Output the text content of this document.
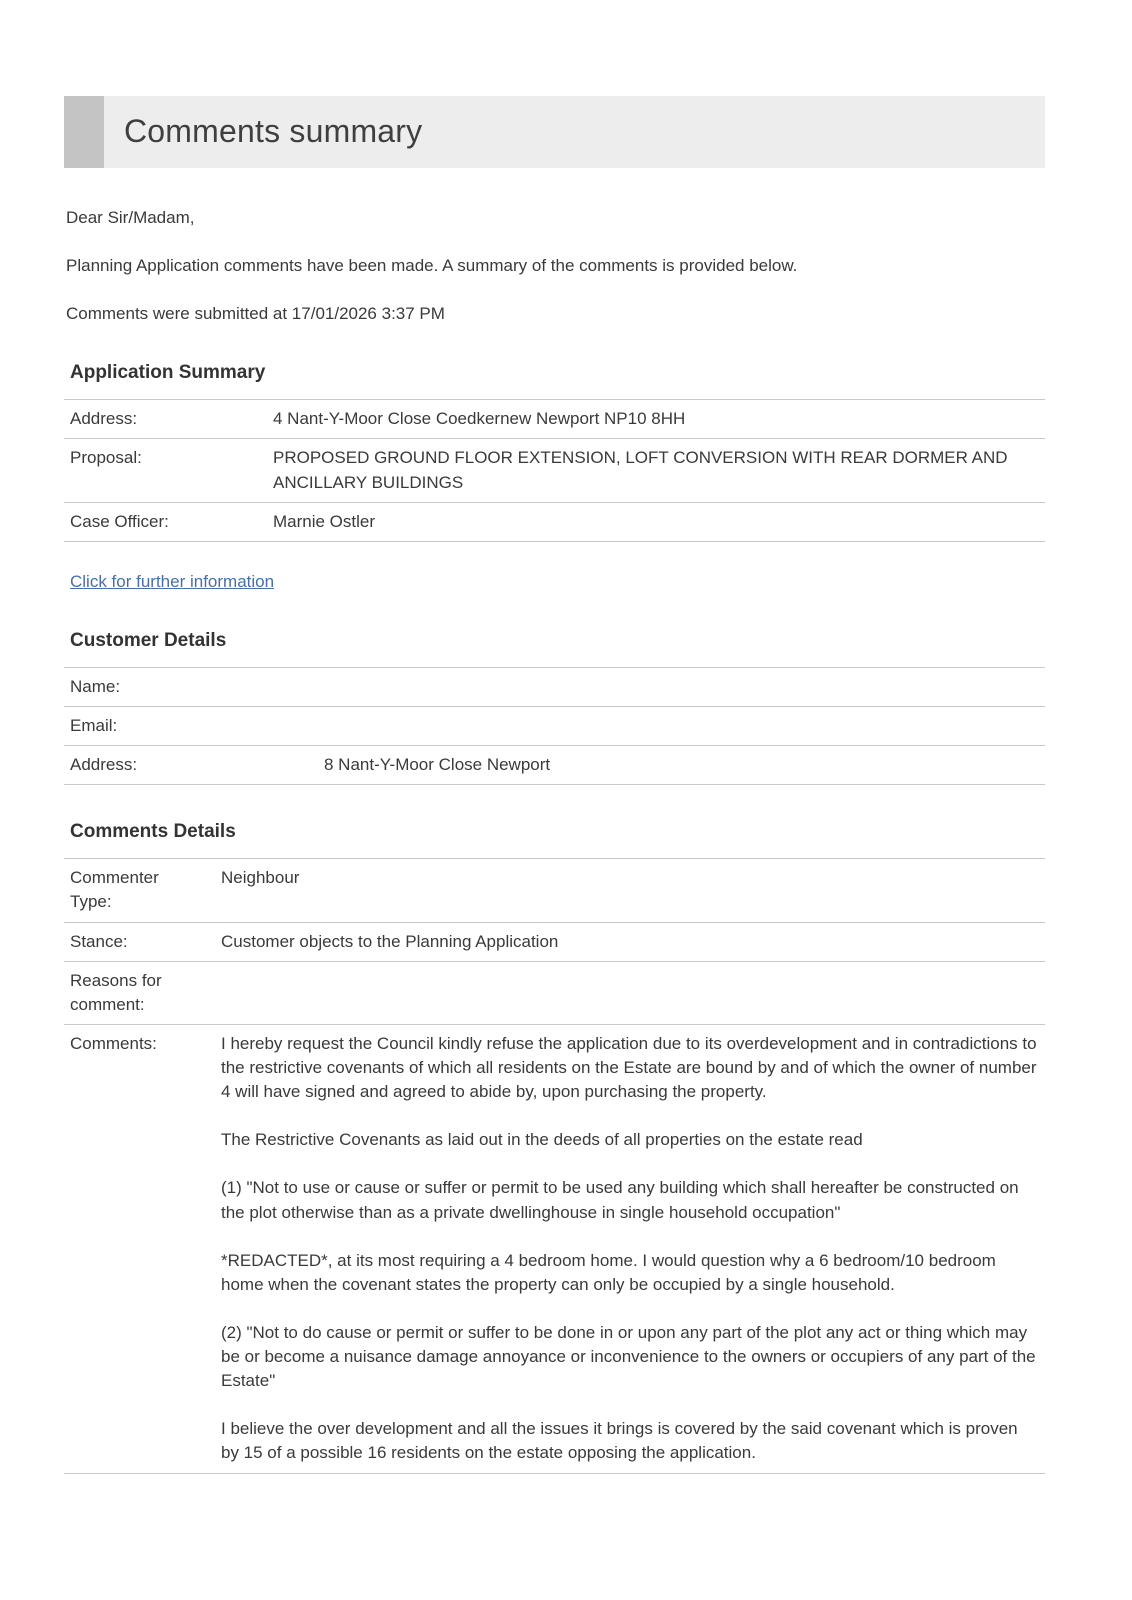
Comments summary

Dear Sir/Madam,

Planning Application comments have been made. A summary of the comments is provided below.

Comments were submitted at 17/01/2026 3:37 PM

Application Summary
Address:	4 Nant-Y-Moor Close Coedkernew Newport NP10 8HH
Proposal:	PROPOSED GROUND FLOOR EXTENSION, LOFT CONVERSION WITH REAR DORMER AND ANCILLARY BUILDINGS
Case Officer:	Marnie Ostler

Click for further information

Customer Details
Name:	
Email:	
Address:	8 Nant-Y-Moor Close Newport
Comments Details
Commenter Type:	Neighbour
Stance:	Customer objects to the Planning Application
Reasons for comment:	
Comments:	I hereby request the Council kindly refuse the application due to its overdevelopment and in contradictions to the restrictive covenants of which all residents on the Estate are bound by and of which the owner of number 4 will have signed and agreed to abide by, upon purchasing the property.

The Restrictive Covenants as laid out in the deeds of all properties on the estate read

(1) "Not to use or cause or suffer or permit to be used any building which shall hereafter be constructed on the plot otherwise than as a private dwellinghouse in single household occupation"

*REDACTED*, at its most requiring a 4 bedroom home. I would question why a 6 bedroom/10 bedroom home when the covenant states the property can only be occupied by a single household.

(2) "Not to do cause or permit or suffer to be done in or upon any part of the plot any act or thing which may be or become a nuisance damage annoyance or inconvenience to the owners or occupiers of any part of the Estate"

I believe the over development and all the issues it brings is covered by the said covenant which is proven by 15 of a possible 16 residents on the estate opposing the application.
